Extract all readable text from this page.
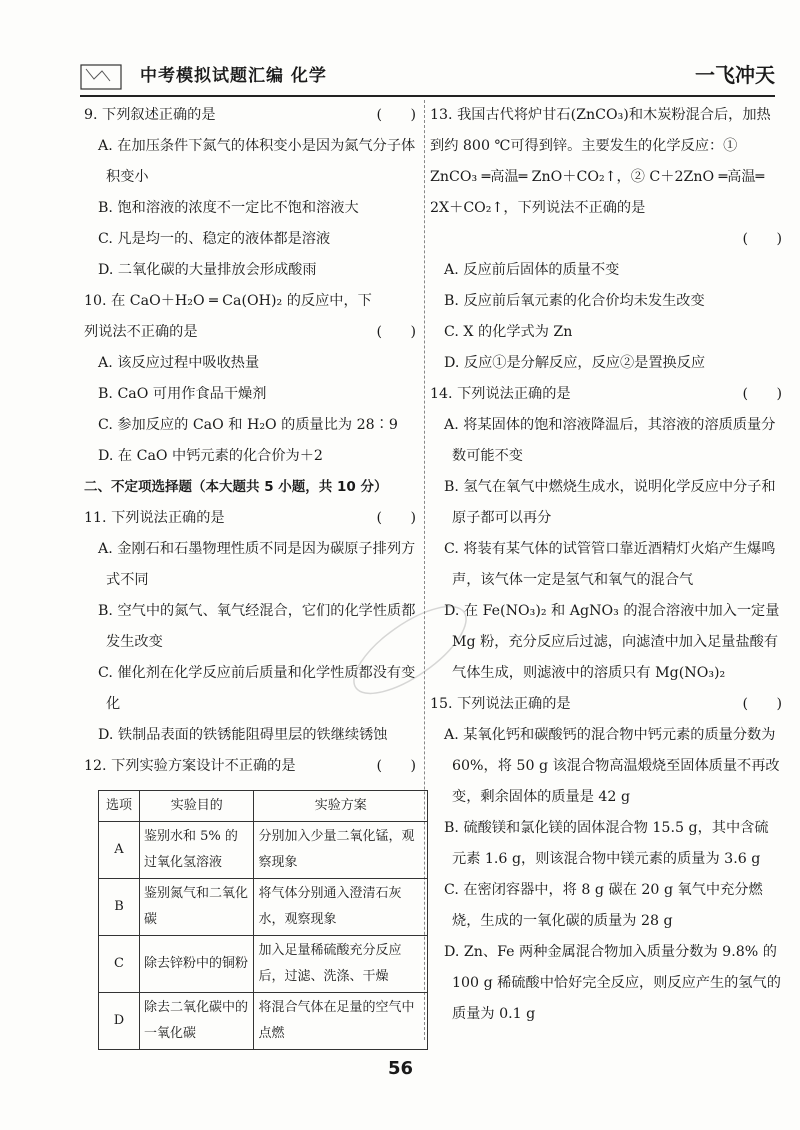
中考模拟试题汇编 化学	一飞冲天
9. 下列叙述正确的是	(　　)
A. 在加压条件下氮气的体积变小是因为氮气分子体积变小
B. 饱和溶液的浓度不一定比不饱和溶液大
C. 凡是均一的、稳定的液体都是溶液
D. 二氧化碳的大量排放会形成酸雨
10. 在 CaO＋H₂O ═ Ca(OH)₂ 的反应中，下列说法不正确的是	(　　)
A. 该反应过程中吸收热量
B. CaO 可用作食品干燥剂
C. 参加反应的 CaO 和 H₂O 的质量比为 28∶9
D. 在 CaO 中钙元素的化合价为＋2
二、不定项选择题（本大题共 5 小题，共 10 分）
11. 下列说法正确的是	(　　)
A. 金刚石和石墨物理性质不同是因为碳原子排列方式不同
B. 空气中的氮气、氧气经混合，它们的化学性质都发生改变
C. 催化剂在化学反应前后质量和化学性质都没有变化
D. 铁制品表面的铁锈能阻碍里层的铁继续锈蚀
12. 下列实验方案设计不正确的是	(　　)
选项	实验目的	实验方案
A	鉴别水和 5% 的过氧化氢溶液	分别加入少量二氧化锰，观察现象
B	鉴别氮气和二氧化碳	将气体分别通入澄清石灰水，观察现象
C	除去锌粉中的铜粉	加入足量稀硫酸充分反应后，过滤、洗涤、干燥
D	除去二氧化碳中的一氧化碳	将混合气体在足量的空气中点燃
13. 我国古代将炉甘石(ZnCO₃)和木炭粉混合后，加热到约 800 ℃可得到锌。主要发生的化学反应：① ZnCO₃ ═高温═ ZnO＋CO₂↑，② C＋2ZnO ═高温═ 2X＋CO₂↑，下列说法不正确的是
(　　)
A. 反应前后固体的质量不变
B. 反应前后氧元素的化合价均未发生改变
C. X 的化学式为 Zn
D. 反应①是分解反应，反应②是置换反应
14. 下列说法正确的是	(　　)
A. 将某固体的饱和溶液降温后，其溶液的溶质质量分数可能不变
B. 氢气在氧气中燃烧生成水，说明化学反应中分子和原子都可以再分
C. 将装有某气体的试管管口靠近酒精灯火焰产生爆鸣声，该气体一定是氢气和氧气的混合气
D. 在 Fe(NO₃)₂ 和 AgNO₃ 的混合溶液中加入一定量 Mg 粉，充分反应后过滤，向滤渣中加入足量盐酸有气体生成，则滤液中的溶质只有 Mg(NO₃)₂
15. 下列说法正确的是	(　　)
A. 某氧化钙和碳酸钙的混合物中钙元素的质量分数为 60%，将 50 g 该混合物高温煅烧至固体质量不再改变，剩余固体的质量是 42 g
B. 硫酸镁和氯化镁的固体混合物 15.5 g，其中含硫元素 1.6 g，则该混合物中镁元素的质量为 3.6 g
C. 在密闭容器中，将 8 g 碳在 20 g 氧气中充分燃烧，生成的一氧化碳的质量为 28 g
D. Zn、Fe 两种金属混合物加入质量分数为 9.8% 的 100 g 稀硫酸中恰好完全反应，则反应产生的氢气的质量为 0.1 g
56
